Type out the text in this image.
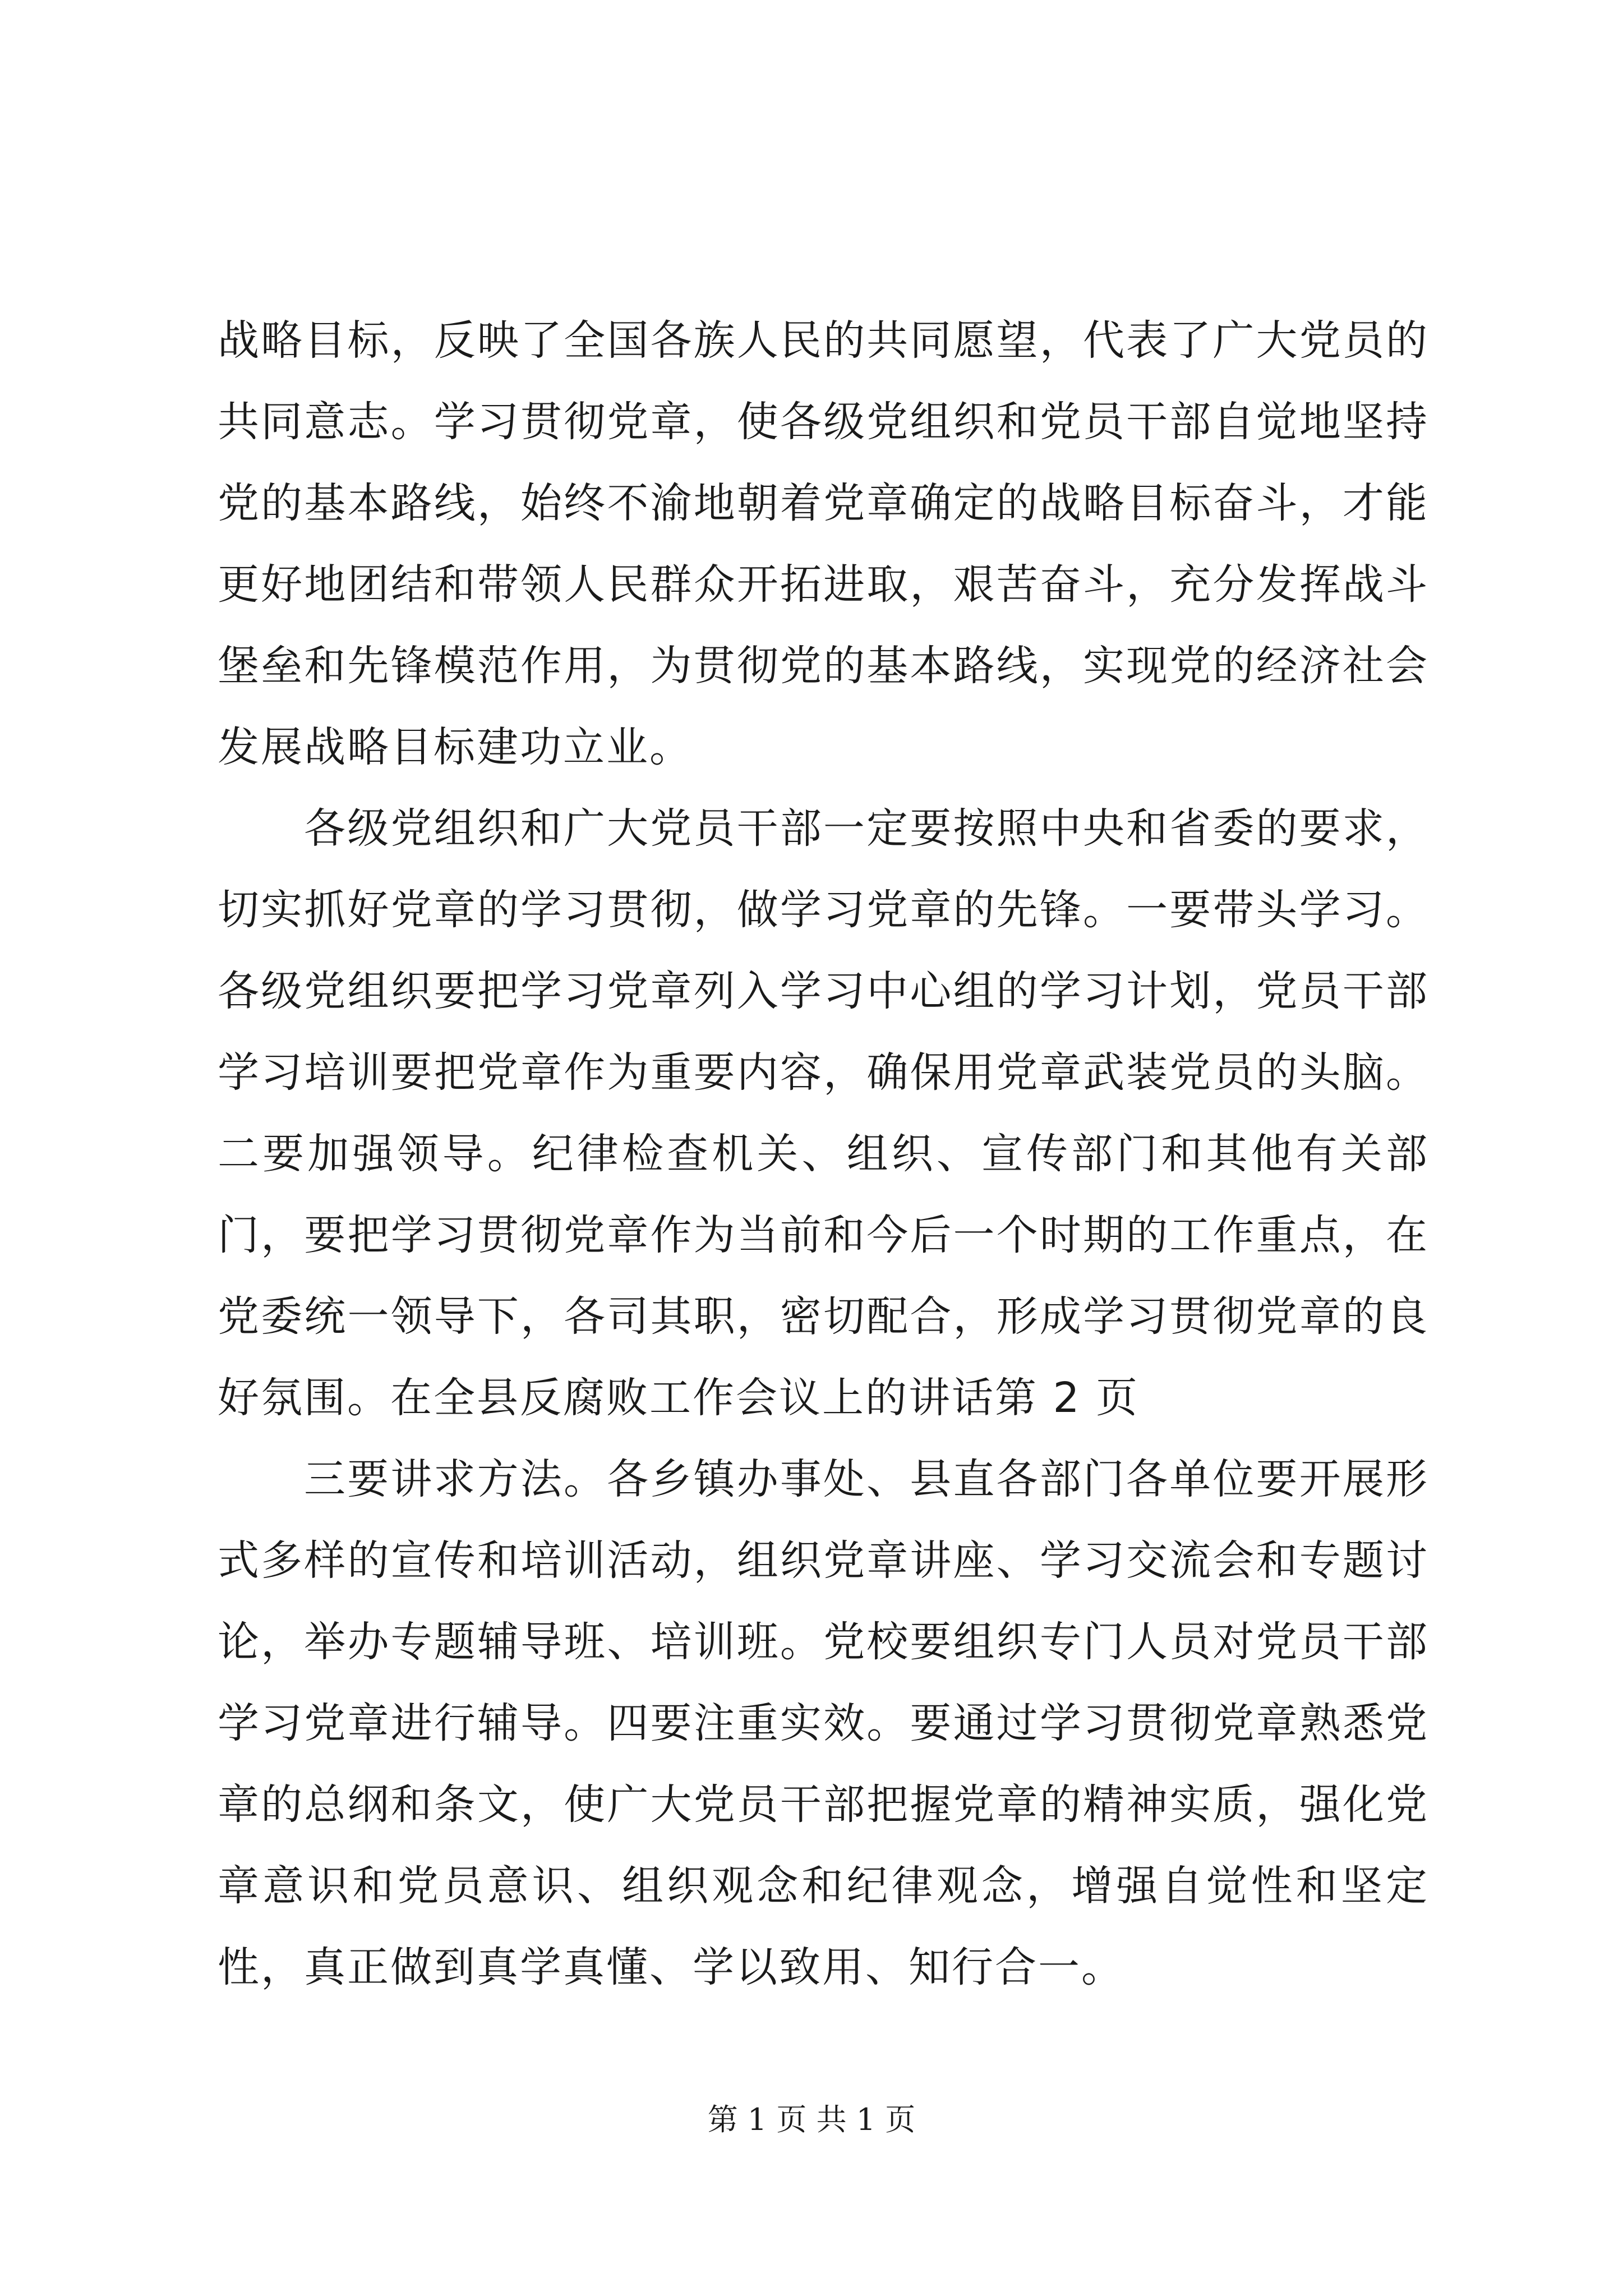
战略目标，反映了全国各族人民的共同愿望，代表了广大党员的共同意志。学习贯彻党章，使各级党组织和党员干部自觉地坚持党的基本路线，始终不渝地朝着党章确定的战略目标奋斗，才能更好地团结和带领人民群众开拓进取，艰苦奋斗，充分发挥战斗堡垒和先锋模范作用，为贯彻党的基本路线，实现党的经济社会发展战略目标建功立业。

各级党组织和广大党员干部一定要按照中央和省委的要求，切实抓好党章的学习贯彻，做学习党章的先锋。一要带头学习。各级党组织要把学习党章列入学习中心组的学习计划，党员干部学习培训要把党章作为重要内容，确保用党章武装党员的头脑。二要加强领导。纪律检查机关、组织、宣传部门和其他有关部门，要把学习贯彻党章作为当前和今后一个时期的工作重点，在党委统一领导下，各司其职，密切配合，形成学习贯彻党章的良好氛围。在全县反腐败工作会议上的讲话第 2 页

三要讲求方法。各乡镇办事处、县直各部门各单位要开展形式多样的宣传和培训活动，组织党章讲座、学习交流会和专题讨论，举办专题辅导班、培训班。党校要组织专门人员对党员干部学习党章进行辅导。四要注重实效。要通过学习贯彻党章熟悉党章的总纲和条文，使广大党员干部把握党章的精神实质，强化党章意识和党员意识、组织观念和纪律观念，增强自觉性和坚定性，真正做到真学真懂、学以致用、知行合一。

第 1 页 共 1 页
